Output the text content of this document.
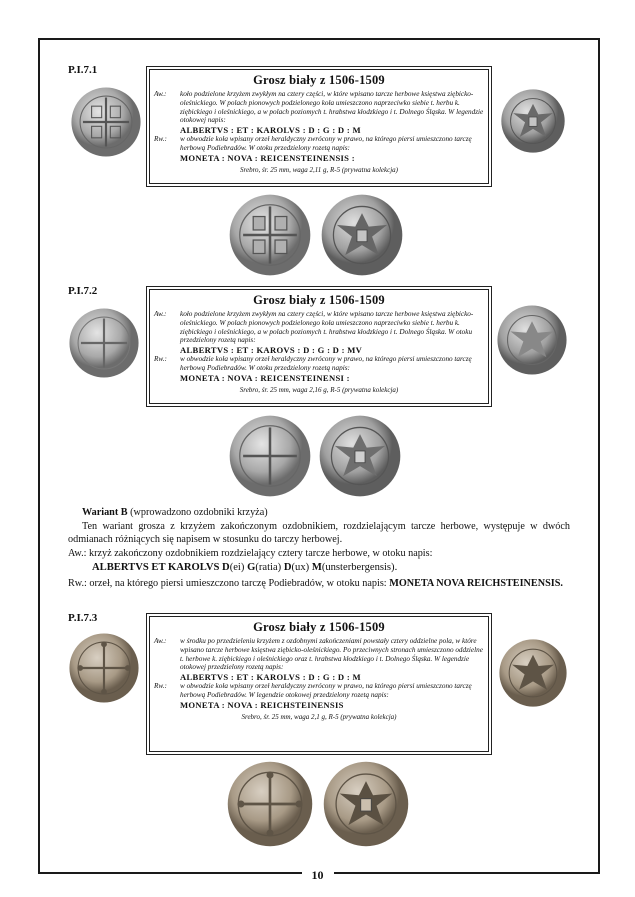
P.I.7.1
Grosz biały z 1506-1509
Aw.:	koło podzielone krzyżem zwykłym na cztery części, w które wpisano tarcze herbowe księstwa ziębicko-oleśnickiego. W polach pionowych podzielonego koła umieszczono naprzeciwko siebie t. herbu k. ziębickiego i oleśnickiego, a w polach poziomych t. hrabstwa kłodzkiego i t. Dolnego Śląska. W legendzie otokowej napis:
ALBERTVS : ET : KAROLVS : D : G : D : M
Rw.:	w obwodzie koła wpisany orzeł heraldyczny zwrócony w prawo, na którego piersi umieszczono tarczę herbową Podiebradów. W otoku przedzielony rozetą napis:
MONETA : NOVA : REICENSTEINENSIS :
Srebro, śr. 25 mm, waga 2,11 g, R-5 (prywatna kolekcja)
P.I.7.2
Grosz biały z 1506-1509
Aw.:	koło podzielone krzyżem zwykłym na cztery części, w które wpisano tarcze herbowe księstwa ziębicko-oleśnickiego. W polach pionowych podzielonego koła umieszczono naprzeciwko siebie t. herbu k. ziębickiego i oleśnickiego, a w polach poziomych t. hrabstwa kłodzkiego i t. Dolnego Śląska. W otoku przedzielony rozetą napis:
ALBERTVS : ET : KAROVS : D : G : D : MV
Rw.:	w obwodzie koła wpisany orzeł heraldyczny zwrócony w prawo, na którego piersi umieszczono tarczę herbową Podiebradów. W otoku przedzielony rozetą napis:
MONETA : NOVA : REICENSTEINENSI :
Srebro, śr. 25 mm, waga 2,16 g, R-5 (prywatna kolekcja)
Wariant B (wprowadzono ozdobniki krzyża)
Ten wariant grosza z krzyżem zakończonym ozdobnikiem, rozdzielającym tarcze herbowe, występuje w dwóch odmianach różniących się napisem w stosunku do tarczy herbowej.
Aw.: krzyż zakończony ozdobnikiem rozdzielający cztery tarcze herbowe, w otoku napis:
ALBERTVS ET KAROLVS D(ei) G(ratia) D(ux) M(unsterbergensis).
Rw.: orzeł, na którego piersi umieszczono tarczę Podiebradów, w otoku napis: MONETA NOVA REICHSTEINENSIS.
P.I.7.3
Grosz biały z 1506-1509
Aw.:	w środku po przedzieleniu krzyżem z ozdobnymi zakończeniami powstały cztery oddzielne pola, w które wpisano tarcze herbowe księstwa ziębicko-oleśnickiego. Po przeciwnych stronach umieszczono oddzielne t. herbowe k. ziębickiego i oleśnickiego oraz t. hrabstwa kłodzkiego i t. Dolnego Śląska. W legendzie otokowej przedzielony rozetą napis:
ALBERTVS : ET : KAROLVS : D : G : D : M
Rw.:	w obwodzie koła wpisany orzeł heraldyczny zwrócony w prawo, na którego piersi umieszczono tarczę herbową Podiebradów. W legendzie otokowej przedzielony rozetą napis:
MONETA : NOVA : REICHSTEINENSIS
Srebro, śr. 25 mm, waga 2,1 g, R-5 (prywatna kolekcja)
10
